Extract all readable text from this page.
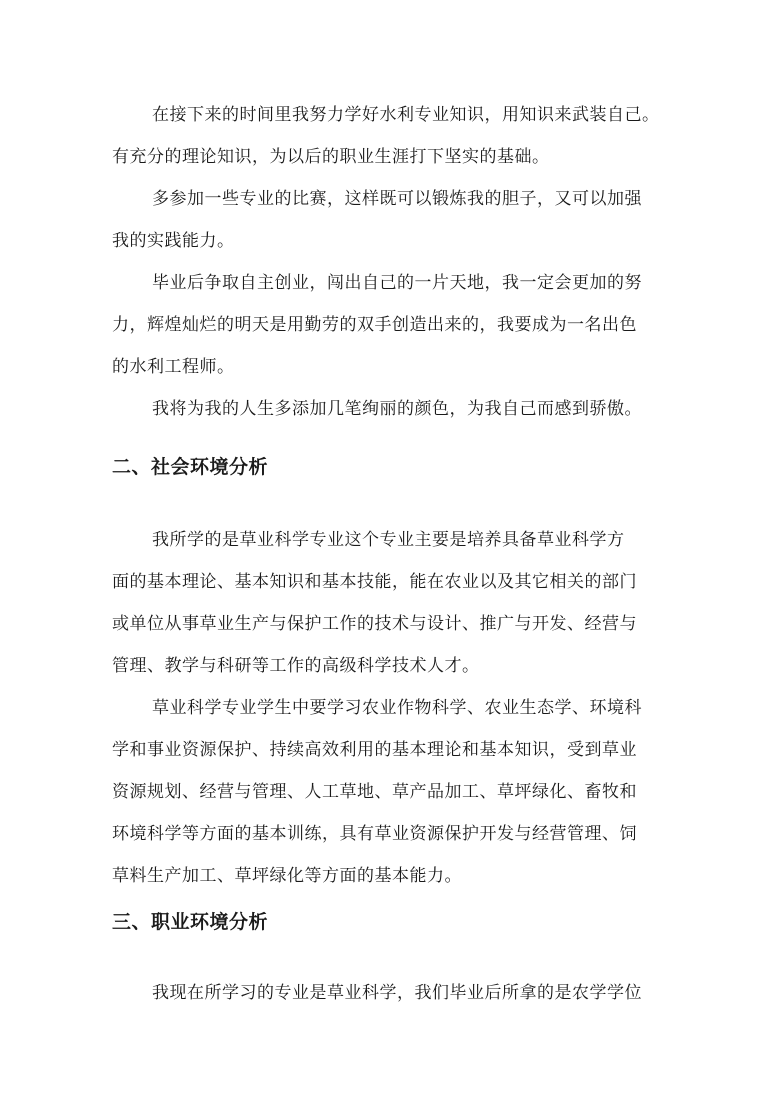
在接下来的时间里我努力学好水利专业知识，用知识来武装自己。
有充分的理论知识，为以后的职业生涯打下坚实的基础。
多参加一些专业的比赛，这样既可以锻炼我的胆子，又可以加强
我的实践能力。
毕业后争取自主创业，闯出自己的一片天地，我一定会更加的努
力，辉煌灿烂的明天是用勤劳的双手创造出来的，我要成为一名出色
的水利工程师。
我将为我的人生多添加几笔绚丽的颜色，为我自己而感到骄傲。
二、社会环境分析
我所学的是草业科学专业这个专业主要是培养具备草业科学方
面的基本理论、基本知识和基本技能，能在农业以及其它相关的部门
或单位从事草业生产与保护工作的技术与设计、推广与开发、经营与
管理、教学与科研等工作的高级科学技术人才。
草业科学专业学生中要学习农业作物科学、农业生态学、环境科
学和事业资源保护、持续高效利用的基本理论和基本知识，受到草业
资源规划、经营与管理、人工草地、草产品加工、草坪绿化、畜牧和
环境科学等方面的基本训练，具有草业资源保护开发与经营管理、饲
草料生产加工、草坪绿化等方面的基本能力。
三、职业环境分析
我现在所学习的专业是草业科学，我们毕业后所拿的是农学学位
